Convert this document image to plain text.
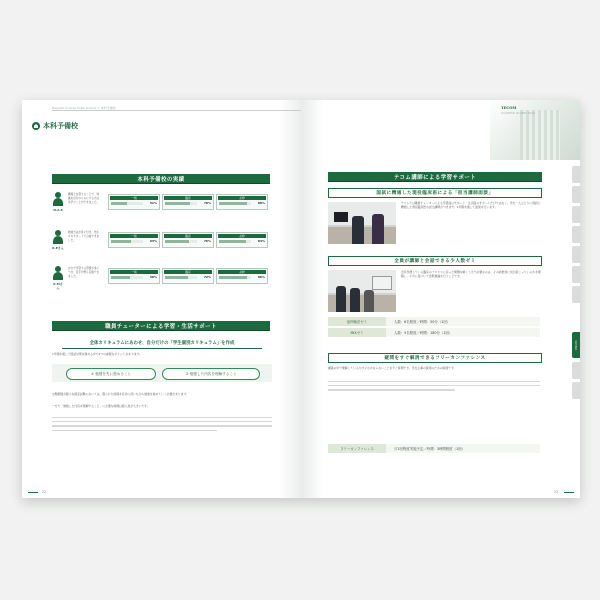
Regular Course Cram School > 本科予備校
本科予備校
本科予備校の実績
N.A.Ⅱ
講義と自習することで、知識を自分のものにする方法を学ぶことができました。
一般
51%
臨床
78%
必修
88%
K.Eさん
勉強方法が身に付き、先生方のサポートで合格できました。
一般
63%
臨床
76%
必修
84%
K.Mさん
自分で学習する習慣が身につき、苦手分野も克服できました。
一般
58%
臨床
72%
必修
86%
職員チューターによる学習・生活サポート
全体カリキュラムにあわせ、自分だけの「学生個別カリキュラム」を作成
1年間を通して国試対策を進める中で2つの重要なポイントがあります。
① 勉強を先に進めること	② 勉強した内容を理解すること
出題範囲が膨大な国家試験においては、限られた時間を有効に使いながら勉強を進めていく必要があります。
一方で「勉強した内容を理解すること」に必要な時間は個人差が大きいです。
22
TECOM
COURSE GUIDE 2024
テコム講師による学習サポート
国試に精通した現役臨床医による「担当講師面談」
テコムでは職員チューターによる学習面のサポート・生活面のサポートだけではなく、学生一人ひとりに国試に精通した現役臨床医の担当講師がつきます。1年間を通して面談を行います。
全員が講師と会話できる少人数ゼミ
近年急増している臨床のプロセスに沿った問題を解くうえで必要なのは、その病態者に何が起こっているかを理解し、それに基づいて診断推論を行うことです。
症例検討ゼミ	人数：6名程度／時間：50分（1回）
MIXゼミ	人数：5名程度／時間：180分（1回）
疑問をすぐ解消できるフリーカンファレンス
講義の中で理解しているやすそわかならないことをすぐ質問でき、学生主導の質問のための時間です。
フリーカンファレンス	月1回程度実施予定／時間：3時間程度（1回）
本科予備校
23
